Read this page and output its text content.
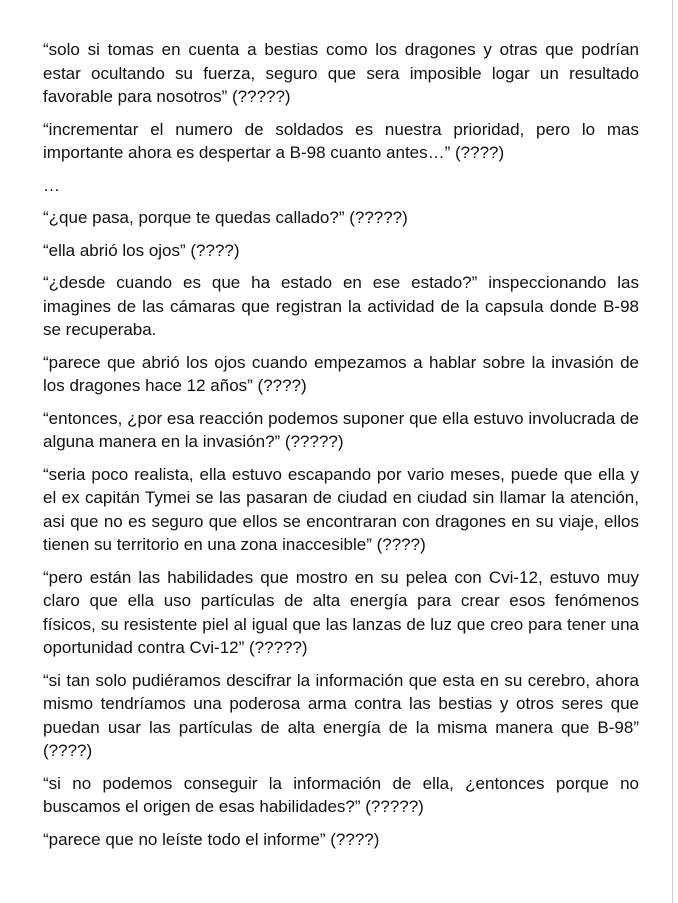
“solo si tomas en cuenta a bestias como los dragones y otras que podrían estar ocultando su fuerza, seguro que sera imposible logar un resultado favorable para nosotros” (?????)

“incrementar el numero de soldados es nuestra prioridad, pero lo mas importante ahora es despertar a B-98 cuanto antes…” (????)

…

“¿que pasa, porque te quedas callado?” (?????)

“ella abrió los ojos” (????)

“¿desde cuando es que ha estado en ese estado?” inspeccionando las imagines de las cámaras que registran la actividad de la capsula donde B-98 se recuperaba.

“parece que abrió los ojos cuando empezamos a hablar sobre la invasión de los dragones hace 12 años” (????)

“entonces, ¿por esa reacción podemos suponer que ella estuvo involucrada de alguna manera en la invasión?” (?????)

“seria poco realista, ella estuvo escapando por vario meses, puede que ella y el ex capitán Tymei se las pasaran de ciudad en ciudad sin llamar la atención, asi que no es seguro que ellos se encontraran con dragones en su viaje, ellos tienen su territorio en una zona inaccesible” (????)

“pero están las habilidades que mostro en su pelea con Cvi-12, estuvo muy claro que ella uso partículas de alta energía para crear esos fenómenos físicos, su resistente piel al igual que las lanzas de luz que creo para tener una oportunidad contra Cvi-12” (?????)

“si tan solo pudiéramos descifrar la información que esta en su cerebro, ahora mismo tendríamos una poderosa arma contra las bestias y otros seres que puedan usar las partículas de alta energía de la misma manera que B-98” (????)

“si no podemos conseguir la información de ella, ¿entonces porque no buscamos el origen de esas habilidades?” (?????)

“parece que no leíste todo el informe” (????)
